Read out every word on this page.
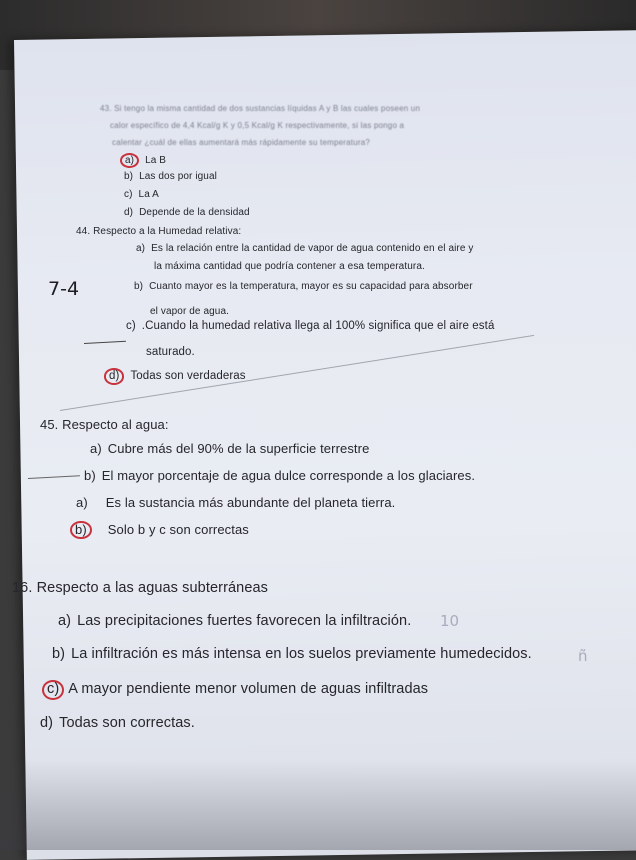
43. Si tengo la misma cantidad de dos sustancias líquidas A y B las cuales poseen un
calor específico de 4,4 Kcal/g K y 0,5 Kcal/g K respectivamente, si las pongo a
calentar ¿cuál de ellas aumentará más rápidamente su temperatura?
a) La B
b) Las dos por igual
c) La A
d) Depende de la densidad
44. Respecto a la Humedad relativa:
a) Es la relación entre la cantidad de vapor de agua contenido en el aire y
la máxima cantidad que podría contener a esa temperatura.
7-4	b) Cuanto mayor es la temperatura, mayor es su capacidad para absorber
el vapor de agua.
c) .Cuando la humedad relativa llega al 100% significa que el aire está
saturado.
d) Todas son verdaderas
45. Respecto al agua:
a) Cubre más del 90% de la superficie terrestre
b) El mayor porcentaje de agua dulce corresponde a los glaciares.
a) Es la sustancia más abundante del planeta tierra.
b) Solo b y c son correctas
16. Respecto a las aguas subterráneas
a) Las precipitaciones fuertes favorecen la infiltración. 10
b) La infiltración es más intensa en los suelos previamente humedecidos.	ñ
c) A mayor pendiente menor volumen de aguas infiltradas
d) Todas son correctas.
